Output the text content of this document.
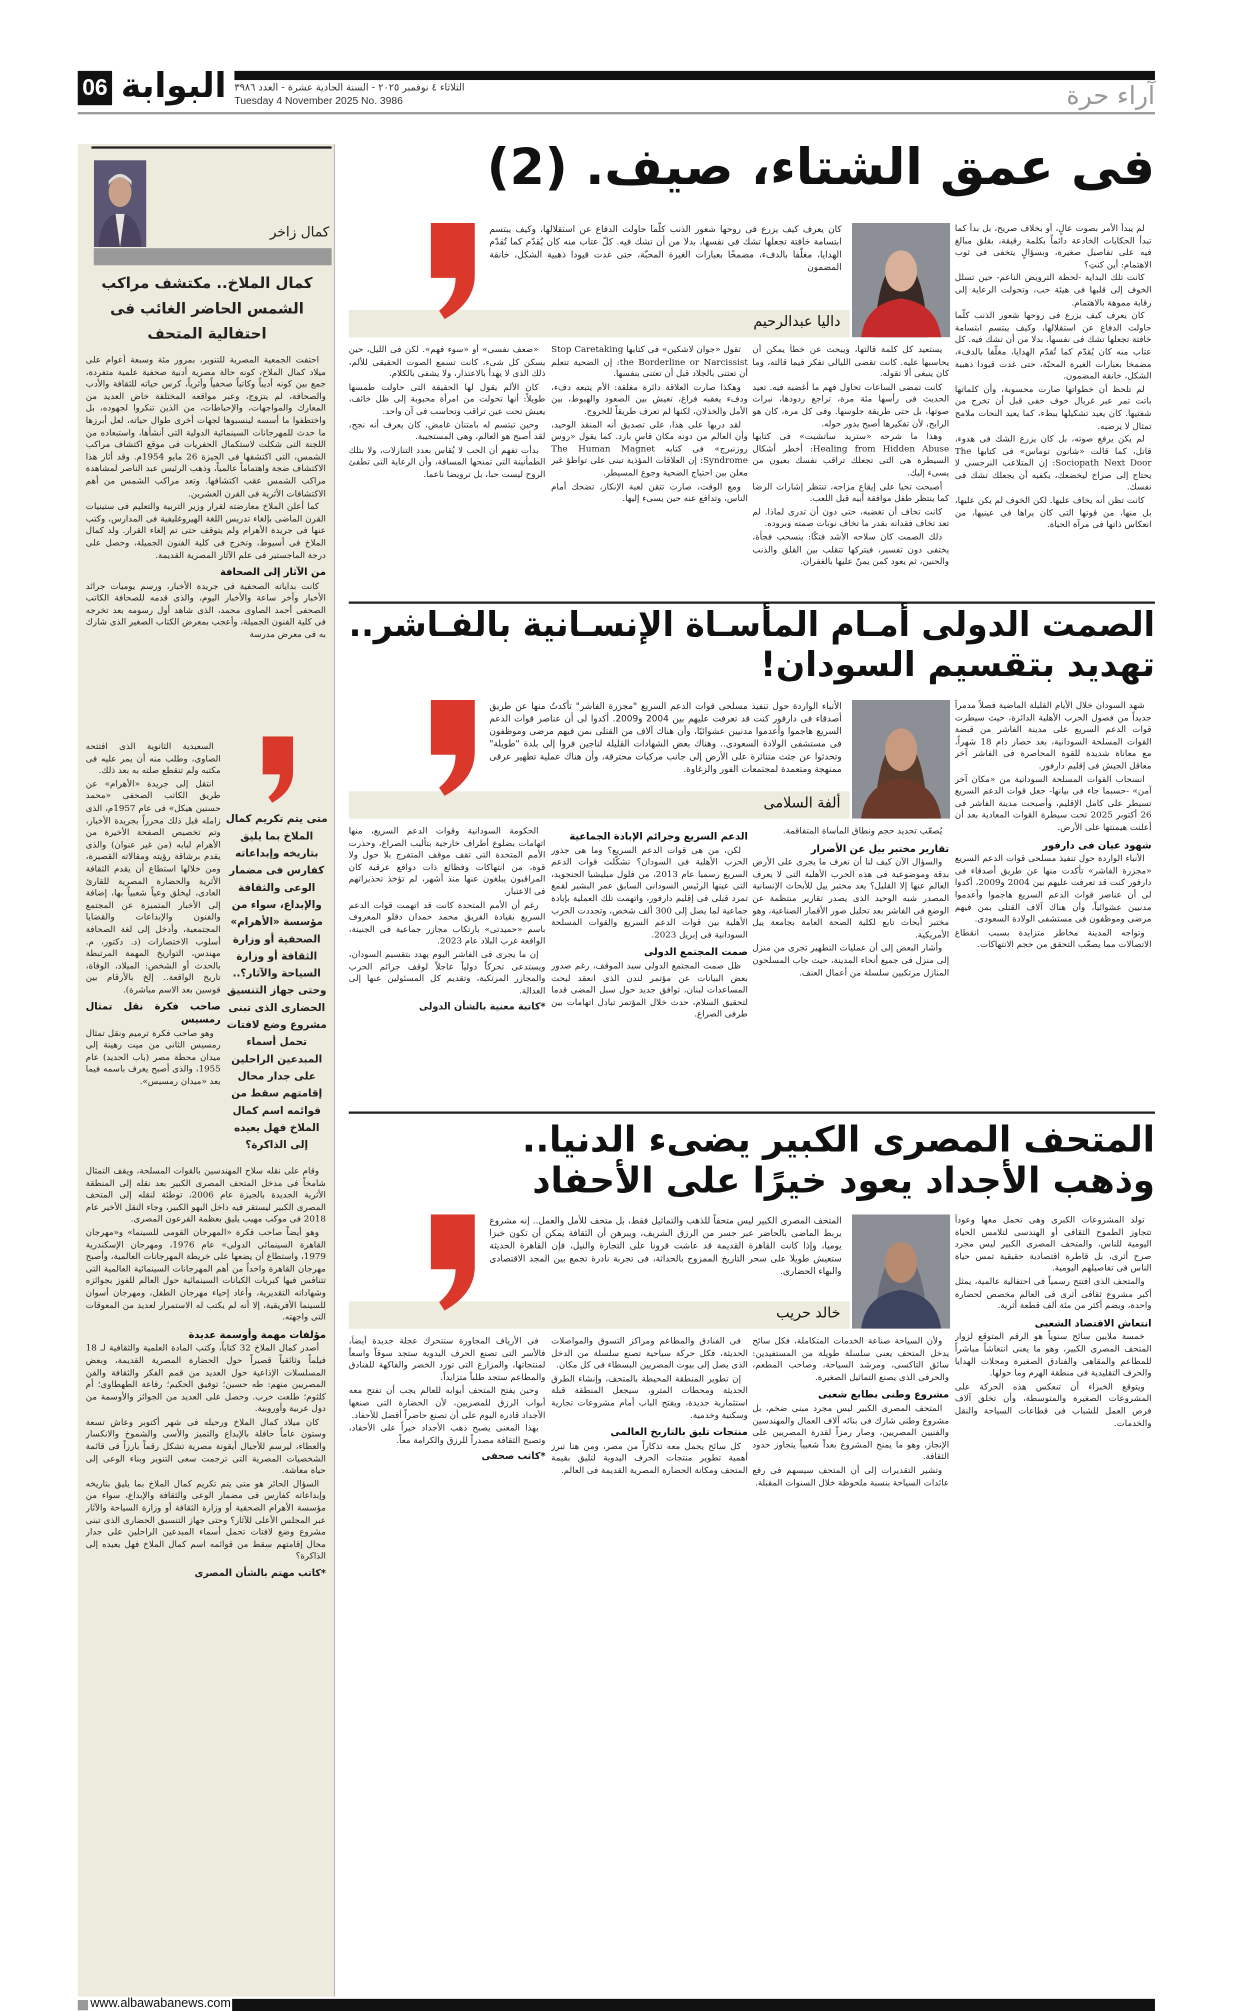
06 البوابة الثلاثاء ٤ نوفمبر ٢٠٢٥ - السنة الحادية عشرة - العدد ٣٩٨٦
Tuesday 4 November 2025 No. 3986	آراء حرة
كمال زاخر
كمال الملاخ.. مكتشف مراكب الشمس الحاضر الغائب فى احتفالية المتحف

احتفت الجمعية المصرية للتنوير، بمرور مئة وسبعة أعوام على ميلاد كمال الملاخ، كونه حالة مصرية أدبية صحفية علمية متفردة، جمع بين كونه أديباً وكاتباً صحفياً وأثرياً، كرس حياته للثقافة والأدب والصحافة، لم يتزوج، وعبر مواقعه المختلفة خاض العديد من المعارك والمواجهات، والإحباطات، من الذين تنكروا لجهوده، بل واختطفوا ما أسسه لينسبوها لجهات أخرى طوال حياته، لعل أبرزها ما حدث للمهرجانات السينمائية الدولية التى أنشأها، واستبعاده من اللجنة التى شكلت لاستكمال الحفريات فى موقع اكتشاف مراكب الشمس، التى اكتشفها فى الجيزة 26 مايو 1954م. وقد أثار هذا الاكتشاف ضجة واهتماماً عالمياً، وذهب الرئيس عبد الناصر لمشاهدة مراكب الشمس عقب اكتشافها. وتعد مراكب الشمس من أهم الاكتشافات الأثرية فى القرن العشرين.

كما أعلن الملاخ معارضته لقرار وزير التربية والتعليم فى ستينيات القرن الماضى بإلغاء تدريس اللغة الهيروغليفية فى المدارس، وكتب عنها فى جريدة الأهرام ولم يتوقف حتى تم إلغاء القرار. ولد كمال الملاخ فى أسيوط، وتخرج فى كلية الفنون الجميلة، وحصل على درجة الماجستير فى علم الآثار المصرية القديمة.

من الآثار إلى الصحافة

كانت بداياته الصحفية فى جريدة الأخبار، ورسم يوميات جرائد الأخبار وأخر ساعة والأخبار اليوم، والذى قدمه للصحافة الكاتب الصحفى أحمد الصاوى محمد، الذى شاهد أول رسومه بعد تخرجه فى كلية الفنون الجميلة، وأعجب بمعرض الكتاب الصغير الذى شارك به فى معرض مدرسة

السعيدية الثانوية الذى افتتحه الصاوى، وطلب منه أن يمر عليه فى مكتبه ولم تنقطع صلته به بعد ذلك.

انتقل إلى جريدة «الأهرام» عن طريق الكاتب الصحفى «محمد حسنين هيكل» فى عام 1957م، الذى زامله قبل ذلك محرراً بجريدة الأخبار، وتم تخصيص الصفحة الأخيرة من الأهرام لبابه (من غير عنوان) والذى يقدم برشاقة رؤيته ومقالاته القصيرة، ومن خلالها استطاع أن يقدم الثقافة الأثرية والحضارة المصرية للقارئ العادى، ليخلق وعياً شعبياً بها، إضافة إلى الأخبار المتميزة عن المجتمع والفنون والإبداعات والقضايا المجتمعية، وأدخل إلى لغة الصحافة أسلوب الاختصارات (د. دكتور، م. مهندس، التواريخ المهمة المرتبطة بالحدث أو الشخص: الميلاد، الوفاة، تاريخ الواقعة.. إلخ بالأرقام بين قوسين بعد الاسم مباشرة).

صاحب فكرة نقل تمثال رمسيس

وهو صاحب فكرة ترميم ونقل تمثال رمسيس الثانى من ميت رهينة إلى ميدان محطة مصر (باب الحديد) عام 1955، والذى أصبح يعرف باسمه فيما بعد «ميدان رمسيس».

متى يتم تكريم كمال الملاخ بما يليق بتاريخه وإبداعاته كفارس فى مضمار الوعى والثقافة والإبداع، سواء من مؤسسة «الأهرام» الصحفية أو وزارة الثقافة أو وزارة السياحة والآثار؟.. وحتى جهاز التنسيق الحضارى الذى تبنى مشروع وضع لافتات تحمل أسماء المبدعين الراحلين على جدار محال إقامتهم سقط من قوائمه اسم كمال الملاخ فهل يعيده إلى الذاكرة؟

وقام على نقله سلاح المهندسين بالقوات المسلحة، ويقف التمثال شامخاً فى مدخل المتحف المصرى الكبير بعد نقله إلى المنطقة الأثرية الجديدة بالجيزة عام 2006، توطئة لنقله إلى المتحف المصرى الكبير ليستقر فيه داخل البهو الكبير، وجاء النقل الأخير عام 2018 فى موكب مهيب يليق بعظمة الفرعون المصرى.

وهو أيضاً صاحب فكرة «المهرجان القومى للسينما» و«مهرجان القاهرة السينمائى الدولى» عام 1976، ومهرجان الإسكندرية 1979، واستطاع أن يضعها على خريطة المهرجانات العالمية، وأصبح مهرجان القاهرة واحداً من أهم المهرجانات السينمائية العالمية التى تتنافس فيها كبريات الكيانات السينمائية حول العالم للفوز بجوائزه وشهاداته التقديرية، وأعاد إحياء مهرجان الطفل، ومهرجان أسوان للسينما الأفريقية، إلا أنه لم يكتب له الاستمرار لعديد من المعوقات التى واجهته.

مؤلفات مهمة وأوسمة عديدة

أصدر كمال الملاخ 32 كتاباً، وكتب المادة العلمية والثقافية لـ 18 فيلماً وثائقياً قصيراً حول الحضارة المصرية القديمة، وبعض المسلسلات الإذاعية حول العديد من قمم الفكر والثقافة والفن المصريين منهم: طه حسين؛ توفيق الحكيم؛ رفاعة الطهطاوى؛ أم كلثوم؛ طلعت حرب. وحصل على العديد من الجوائز والأوسمة من دول عربية وأوروبية.

كان ميلاد كمال الملاخ ورحيله فى شهر أكتوبر وعاش تسعة وستون عاماً حافلة بالإبداع والتميز والأسى والشموخ والانكسار والعطاء، ليرسم للأجيال أيقونة مصرية تشكل رقماً بارزاً فى قائمة الشخصيات المصرية التى ترجمت سعى التنوير وبناء الوعى إلى حياة معاشة.

السؤال الحائر هو متى يتم تكريم كمال الملاخ بما يليق بتاريخه وإبداعاته كفارس فى مضمار الوعى والثقافة والإبداع، سواء من مؤسسة الأهرام الصحفية أو وزارة الثقافة أو وزارة السياحة والآثار عبر المجلس الأعلى للآثار؟ وحتى جهاز التنسيق الحضارى الذى تبنى مشروع وضع لافتات تحمل أسماء المبدعين الراحلين على جدار محال إقامتهم سقط من قوائمه اسم كمال الملاخ فهل يعيده إلى الذاكرة؟

*كاتب مهتم بالشأن المصرى

فى عمق الشتاء، صيف. (2)
داليا عبدالرحيم
كان يعرف كيف يزرع فى روحها شعور الذنب كلّما حاولت الدفاع عن استقلالها، وكيف يبتسم ابتسامة خافتة تجعلها تشك فى نفسها، بدلا من أن تشك فيه. كلّ عتاب منه كان يُقدّم كما تُقدّم الهدايا، مغلّفا بالدفء، مضمخًا بعبارات الغيرة المحبّة، حتى غدت قيودا ذهبية الشكل، خانقة المضمون

لم يبدأ الأمر بصوت عالٍ، أو بخلاف صريح، بل بدأ كما تبدأ الحكايات الخادعة دائماً بكلمة رقيقة، بقلق مبالغ فيه على تفاصيل صغيرة، وبسؤالٍ يتخفى فى ثوب الاهتمام: أين كنتِ؟

كانت تلك البداية -لحظة الترويض الناعم- حين تسلل الخوف إلى قلبها فى هيئة حب، وتحولت الرعاية إلى رقابة مموهة بالاهتمام.

كان يعرف كيف يزرع فى روحها شعور الذنب كلّما حاولت الدفاع عن استقلالها، وكيف يبتسم ابتسامة خافتة تجعلها تشك فى نفسها، بدلا من أن تشك فيه. كل عتاب منه كان يُقدّم كما تُقدّم الهدايا، مغلّفا بالدفء، مضمخا بعبارات الغيرة المحبّة، حتى غدت قيودا ذهبية الشكل، خانقة المضمون.

لم تلحظ أن خطواتها صارت محسوبة، وأن كلماتها باتت تمر عبر غربال خوف خفى قبل أن تخرج من شفتيها. كان يعيد تشكيلها ببطء، كما يعيد النحات ملامح تمثال لا يرضيه.

لم يكن يرفع صوته، بل كان يزرع الشك فى هدوء، قاتل، كما قالت «شانون توماس» فى كتابها The Sociopath Next Door: إن المتلاعب النرجسى لا يحتاج إلى صراخ ليخضعك، يكفيه أن يجعلك تشك فى نفسك.

كانت تظن أنه يخاف عليها. لكن الخوف لم يكن عليها، بل منها، من قوتها التى كان يراها فى عينيها، من انعكاس ذاتها فى مرآة الحياة.

يستعيد كل كلمة قالتها، ويبحث عن خطأ يمكن أن يحاسبها عليه. كانت تقضى الليالى تفكر فيما قالته، وما كان ينبغى ألا تقوله.

كانت تمضى الساعات تحاول فهم ما أغضبه فيه. تعيد الحديث فى رأسها مئة مرة، تراجع ردودها، نبرات صوتها، بل حتى طريقة جلوسها. وفى كل مرة، كان هو الرابح، لأن تفكيرها أصبح يدور حوله.

وهذا ما شرحه «ستريد ساتشيت» فى كتابها Healing from Hidden Abuse: أخطر أشكال السيطرة هى التى تجعلك تراقب نفسك بعيون من يسىء إليك.

أصبحت تحيا على إيقاع مزاجه، تنتظر إشارات الرضا كما ينتظر طفل موافقة أبيه قبل اللعب.

كانت تخاف أن تغضبه، حتى دون أن تدرى لماذا. لم تعد تخاف فقدانه بقدر ما تخاف نوبات صمته وبروده.

ذلك الصمت كان سلاحه الأشد فتكًا: ينسحب فجأة، يختفى دون تفسير، فيتركها تتقلب بين القلق والذنب والحنين، ثم يعود كمن يمنّ عليها بالغفران.

تقول «جوان لاشكين» فى كتابها Stop Caretaking the Borderline or Narcissist: إن الضحية تتعلم أن تعتنى بالجلاد قبل أن تعتنى بنفسها.

وهكذا صارت العلاقة دائرة مغلقة: الأم يتبعه دفء، ودفء يعقبه فراغ، تعيش بين الصعود والهبوط، بين الأمل والخذلان، لكنها لم تعرف طريقاً للخروج.

لقد دربها على هذا، على تصديق أنه المنقذ الوحيد، وأن العالم من دونه مكان قاسٍ بارد. كما يقول «روس روزنبرج» فى كتابه The Human Magnet Syndrome: إن العلاقات المؤذية تبنى على تواطؤ غير معلن بين احتياج الضحية وجوع المسيطر.

ومع الوقت، صارت تتقن لعبة الإنكار، تضحك أمام الناس، وتدافع عنه حين يسىء إليها.

«ضعف نفسى» أو «سوء فهم». لكن فى الليل، حين يسكن كل شىء، كانت تسمع الصوت الحقيقى للألم، ذلك الذى لا يهدأ بالاعتذار، ولا يشفى بالكلام.

كان الألم يقول لها الحقيقة التى حاولت طمسها طويلاً: أنها تحولت من امرأة محبوبة إلى ظل خائف، يعيش تحت عين تراقب وتحاسب فى آن واحد.

وحين تبتسم له بامتنان غامض، كان يعرف أنه نجح، لقد أصبح هو العالم، وهى المستجيبة.

بدأت تفهم أن الحب لا يُقاس بعدد التنازلات، ولا بتلك الطمأنينة التى تمنحها المسافة، وأن الرعاية التى تطفئ الروح ليست حبا، بل ترويضا ناعما.

الصمت الدولى أمـام المأسـاة الإنسـانية بالفـاشر..
تهديد بتقسيم السودان!
ألفة السلامى
الأنباء الواردة حول تنفيذ مسلحى قوات الدعم السريع "مجزرة الفاشر" تأكدتُ منها عن طريق أصدقاء فى دارفور كنت قد تعرفت عليهم بين 2004 و2009. أكدوا لى أن عناصر قوات الدعم السريع هاجموا وأعدموا مدنيين عشوائيًا، وأن هناك آلاف من القتلى بمن فيهم مرضى وموظفون فى مستشفى الولادة السعودى.. وهناك بعض الشهادات القليلة لناجين فروا إلى بلدة "طويلة" وتحدثوا عن جثث متناثرة على الأرض إلى جانب مركبات محترقة، وأن هناك عملية تطهير عرقى ممنهجة ومتعمدة لمجتمعات الفور والزغاوة.

شهد السودان خلال الأيام القليلة الماضية فصلاً مدمراً جديداً من فصول الحرب الأهلية الدائرة، حيث سيطرت قوات الدعم السريع على مدينة الفاشر من قبضة القوات المسلحة السودانية، بعد حصار دام 18 شهراً، مع معاناة شديدة للقوة المحاصرة فى الفاشر آخر معاقل الجيش فى إقليم دارفور.

انسحاب القوات المسلحة السودانية من «مكان آخر آمن» -حسبما جاء فى بيانها- جعل قوات الدعم السريع تسيطر على كامل الإقليم، وأصبحت مدينة الفاشر فى 26 أكتوبر 2025 تحت سيطرة القوات المعادية بعد أن أعلنت هيمنتها على الأرض.

شهود عيان فى دارفور

الأنباء الواردة حول تنفيذ مسلحى قوات الدعم السريع «مجزرة الفاشر» تأكدت منها عن طريق أصدقاء فى دارفور كنت قد تعرفت عليهم بين 2004 و2009، أكدوا لى أن عناصر قوات الدعم السريع هاجموا وأعدموا مدنيين عشوائياً، وأن هناك آلاف القتلى بمن فيهم مرضى وموظفون فى مستشفى الولادة السعودى.

وتواجه المدينة مخاطر متزايدة بسبب انقطاع الاتصالات مما يصعّب التحقق من حجم الانتهاكات.

يُصعّب تحديد حجم ونطاق المأساة المتفاقمة.

تقارير مختبر ييل عن الأضرار

والسؤال الآن كيف لنا أن نعرف ما يجرى على الأرض بدقة وموضوعية فى هذه الحرب الأهلية التى لا يعرف العالم عنها إلا القليل؟ يعد مختبر ييل للأبحاث الإنسانية المصدر شبه الوحيد الذى يصدر تقارير منتظمة عن الوضع فى الفاشر بعد تحليل صور الأقمار الصناعية، وهو مختبر أبحاث تابع لكلية الصحة العامة بجامعة ييل الأمريكية.

وأشار البعض إلى أن عمليات التطهير تجرى من منزل إلى منزل فى جميع أنحاء المدينة، حيث جاب المسلحون المنازل مرتكبين سلسلة من أعمال العنف.

الدعم السريع وجرائم الإبادة الجماعية

لكن، من هى قوات الدعم السريع؟ وما هى جذور الحرب الأهلية فى السودان؟ تشكّلت قوات الدعم السريع رسميا عام 2013، من فلول ميليشيا الجنجويد، التى عينها الرئيس السودانى السابق عمر البشير لقمع تمرد قبلى فى إقليم دارفور، واتهمت تلك العملية بإبادة جماعية لما يصل إلى 300 ألف شخص، وتجددت الحرب الأهلية بين قوات الدعم السريع والقوات المسلحة السودانية فى إبريل 2023.

صمت المجتمع الدولى

ظل صمت المجتمع الدولى سيد الموقف، رغم صدور بعض البيانات عن مؤتمر لندن الذى انعقد لبحث المساعدات لبنان، توافق جديد حول سبل المضى قدما لتحقيق السلام، حدث خلال المؤتمر تبادل اتهامات بين طرفى الصراع.

الحكومة السودانية وقوات الدعم السريع، منها اتهامات بضلوع أطراف خارجية بتأليب الصراع، وحذرت الأمم المتحدة التى تقف موقف المتفرج بلا حول ولا قوة، من انتهاكات وفظائع ذات دوافع عرقية كان المراقبون يبلغون عنها منذ أشهر، لم تؤخذ تحذيراتهم فى الاعتبار.

رغم أن الأمم المتحدة كانت قد اتهمت قوات الدعم السريع بقيادة الفريق محمد حمدان دقلو المعروف باسم «حميدتى» بارتكاب مجازر جماعية فى الجنينة، الواقعة غرب البلاد عام 2023.

إن ما يجرى فى الفاشر اليوم يهدد بتقسيم السودان، ويستدعى تحركاً دولياً عاجلاً لوقف جرائم الحرب والمجازر المرتكبة، وتقديم كل المسئولين عنها إلى العدالة.

*كاتبة معنية بالشأن الدولى

المتحف المصرى الكبير يضىء الدنيا..
وذهب الأجداد يعود خيرًا على الأحفاد
خالد حريب
المتحف المصرى الكبير ليس متحفاً للذهب والتماثيل فقط، بل متحف للأمل والعمل.. إنه مشروع يربط الماضى بالحاضر عبر جسر من الرزق الشريف، ويبرهن أن الثقافة يمكن أن تكون خبزا يوميا، وإذا كانت القاهرة القديمة قد عاشت قرونا على التجارة والنيل، فإن القاهرة الحديثة ستعيش طويلا على سحر التاريخ الممزوج بالحداثة، فى تجربة نادرة تجمع بين المجد الاقتصادى والبهاء الحضارى.

تولد المشروعات الكبرى وهى تحمل معها وعوداً تتجاوز الطموح الثقافى أو الهندسى لتلامس الحياة اليومية للناس، والمتحف المصرى الكبير ليس مجرد صرح أثرى، بل قاطرة اقتصادية حقيقية تمس حياة الناس فى تفاصيلهم اليومية.

والمتحف الذى افتتح رسمياً فى احتفالية عالمية، يمثل أكبر مشروع ثقافى أثرى فى العالم مخصص لحضارة واحدة، ويضم أكثر من مئة ألف قطعة أثرية.

انتعاش الاقتصاد الشعبى

خمسة ملايين سائح سنوياً هو الرقم المتوقع لزوار المتحف المصرى الكبير، وهو ما يعنى انتعاشاً مباشراً للمطاعم والمقاهى والفنادق الصغيرة ومحلات الهدايا والحرف التقليدية فى منطقة الهرم وما حولها.

ويتوقع الخبراء أن تنعكس هذه الحركة على المشروعات الصغيرة والمتوسطة، وأن تخلق آلاف فرص العمل للشباب فى قطاعات السياحة والنقل والخدمات.

ولأن السياحة صناعة الخدمات المتكاملة، فكل سائح يدخل المتحف يعنى سلسلة طويلة من المستفيدين: سائق التاكسى، ومرشد السياحة، وصاحب المطعم، والحرفى الذى يصنع التماثيل الصغيرة.

مشروع وطنى بطابع شعبى

المتحف المصرى الكبير ليس مجرد مبنى ضخم، بل مشروع وطنى شارك فى بنائه آلاف العمال والمهندسين والفنيين المصريين، وصار رمزاً لقدرة المصريين على الإنجاز، وهو ما يمنح المشروع بعداً شعبياً يتجاوز حدود الثقافة.

وتشير التقديرات إلى أن المتحف سيسهم فى رفع عائدات السياحة بنسبة ملحوظة خلال السنوات المقبلة.

فى الفنادق والمطاعم ومراكز التسوق والمواصلات الحديثة، فكل حركة سياحية تصنع سلسلة من الدخل الذى يصل إلى بيوت المصريين البسطاء فى كل مكان.

إن تطوير المنطقة المحيطة بالمتحف، وإنشاء الطرق الحديثة ومحطات المترو، سيجعل المنطقة قبلة استثمارية جديدة، ويفتح الباب أمام مشروعات تجارية وسكنية وخدمية.

منتجات تليق بالتاريخ العالمى

كل سائح يحمل معه تذكاراً من مصر، ومن هنا تبرز أهمية تطوير منتجات الحرف اليدوية لتليق بقيمة المتحف ومكانة الحضارة المصرية القديمة فى العالم.

فى الأرياف المجاورة ستتحرك عجلة جديدة أيضاً، فالأسر التى تصنع الحرف اليدوية ستجد سوقاً واسعاً لمنتجاتها، والمزارع التى تورد الخضر والفاكهة للفنادق والمطاعم ستجد طلباً متزايداً.

وحين يفتح المتحف أبوابه للعالم يجب أن تفتح معه أبواب الرزق للمصريين، لأن الحضارة التى صنعها الأجداد قادرة اليوم على أن تصنع حاضراً أفضل للأحفاد.

بهذا المعنى يصبح ذهب الأجداد خيراً على الأحفاد، وتصبح الثقافة مصدراً للرزق والكرامة معاً.

*كاتب صحفى

www.albawabanews.com
